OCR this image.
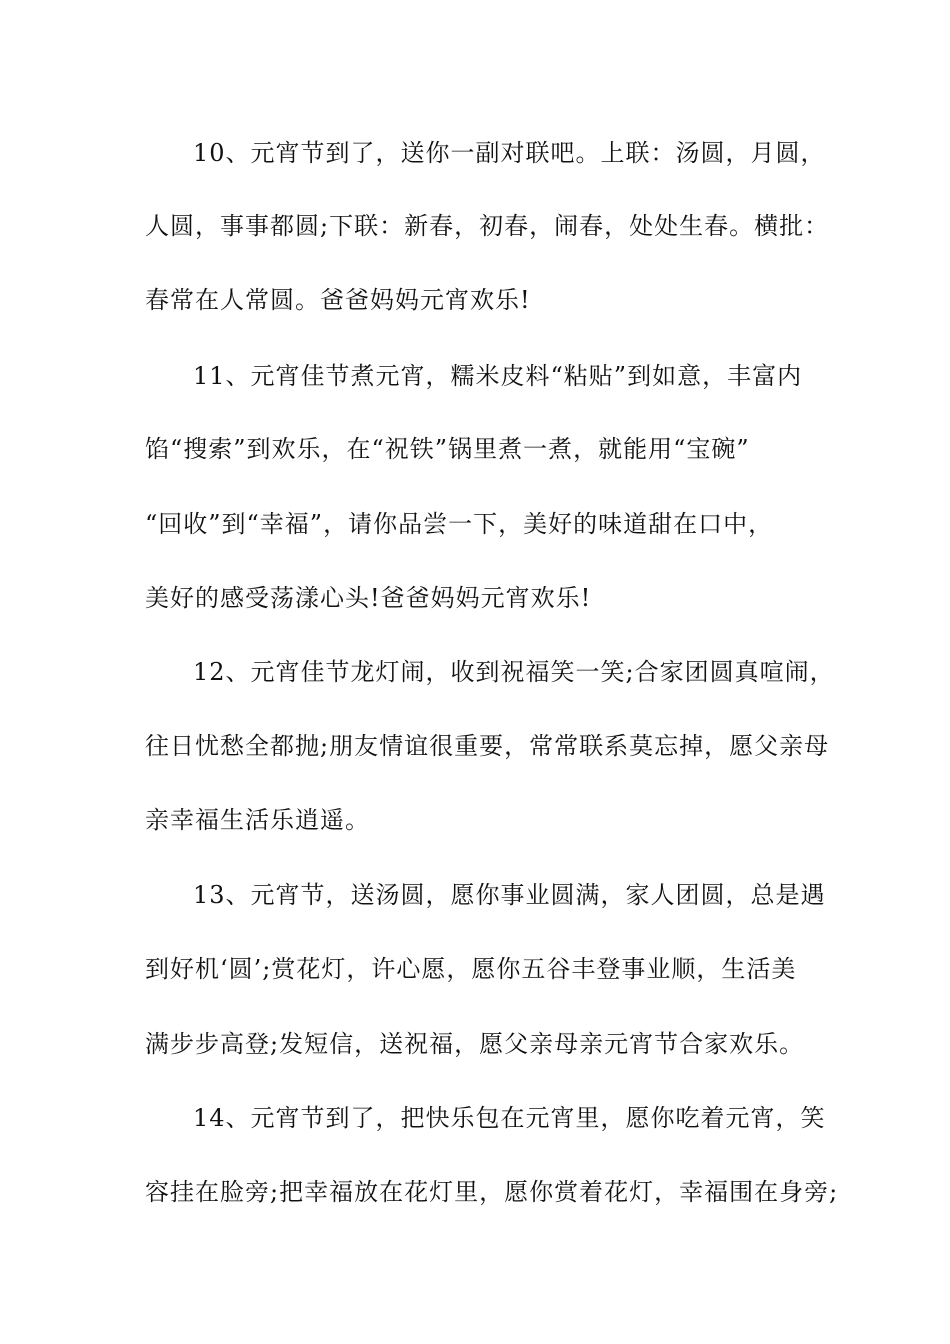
10、元宵节到了，送你一副对联吧。上联：汤圆，月圆，
人圆，事事都圆;下联：新春，初春，闹春，处处生春。横批：
春常在人常圆。爸爸妈妈元宵欢乐!
11、元宵佳节煮元宵，糯米皮料“粘贴”到如意，丰富内
馅“搜索”到欢乐，在“祝铁”锅里煮一煮，就能用“宝碗”
“回收”到“幸福”，请你品尝一下，美好的味道甜在口中，
美好的感受荡漾心头!爸爸妈妈元宵欢乐!
12、元宵佳节龙灯闹，收到祝福笑一笑;合家团圆真喧闹，
往日忧愁全都抛;朋友情谊很重要，常常联系莫忘掉，愿父亲母
亲幸福生活乐逍遥。
13、元宵节，送汤圆，愿你事业圆满，家人团圆，总是遇
到好机‘圆’;赏花灯，许心愿，愿你五谷丰登事业顺，生活美
满步步高登;发短信，送祝福，愿父亲母亲元宵节合家欢乐。
14、元宵节到了，把快乐包在元宵里，愿你吃着元宵，笑
容挂在脸旁;把幸福放在花灯里，愿你赏着花灯，幸福围在身旁;
